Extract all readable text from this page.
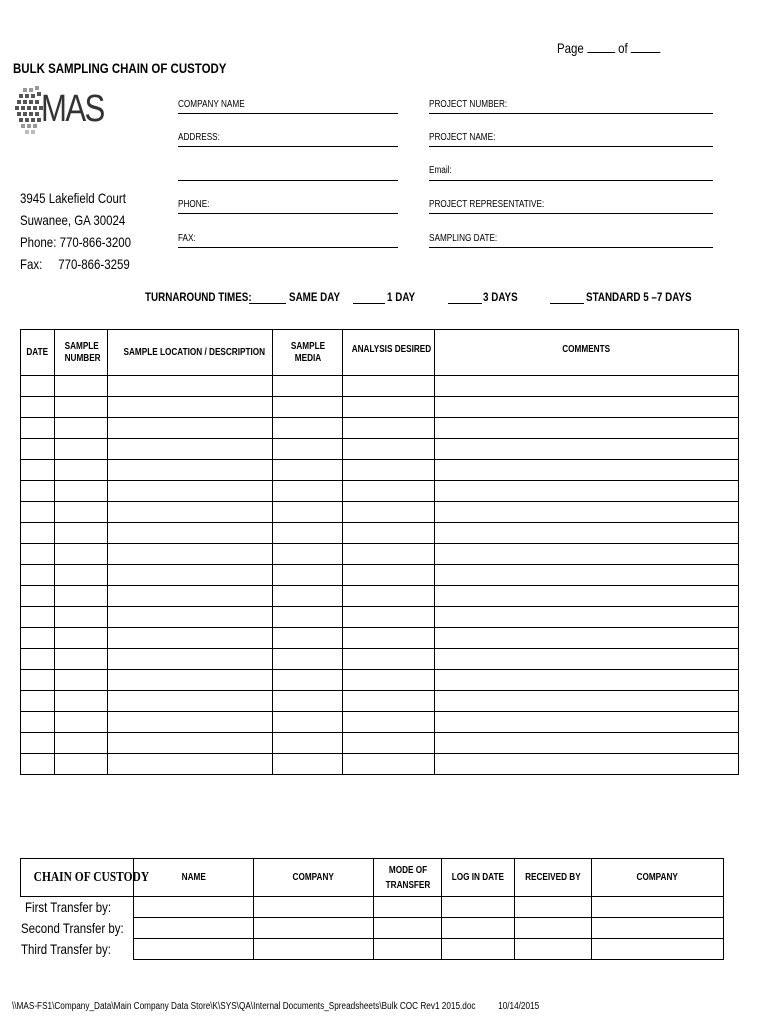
Page of
BULK SAMPLING CHAIN OF CUSTODY
MAS	COMPANY NAME
ADDRESS:
PHONE:
FAX:
PROJECT NUMBER:
PROJECT NAME:
Email:
PROJECT REPRESENTATIVE:
SAMPLING DATE:
3945 Lakefield Court
Suwanee, GA 30024
Phone: 770-866-3200
Fax:     770-866-3259
TURNAROUND TIMES:	SAME DAY	1 DAY	3 DAYS	STANDARD 5 –7 DAYS
DATE	SAMPLE NUMBER	SAMPLE LOCATION / DESCRIPTION	SAMPLE MEDIA	ANALYSIS DESIRED	COMMENTS

CHAIN OF CUSTODY	NAME	COMPANY	MODE OF TRANSFER	LOG IN DATE	RECEIVED BY	COMPANY
First Transfer by:						
Second Transfer by:						
Third Transfer by:						
\\MAS-FS1\Company_Data\Main Company Data Store\K\SYS\QA\Internal Documents_Spreadsheets\Bulk COC Rev1 2015.doc 10/14/2015
